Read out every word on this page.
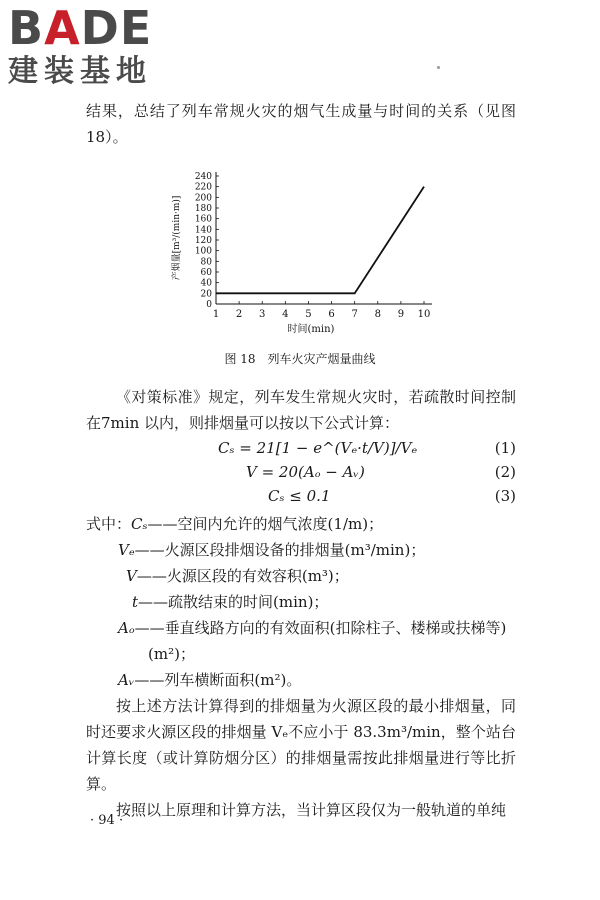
BADE
建装基地

结果，总结了列车常规火灾的烟气生成量与时间的关系（见图18）。

0
20
40
60
80
100
120
140
160
180
200
220
240
1 2 3 4 5 6 7 8 9 10
时间(min)
产烟量[m³/(min·m)]
图 18　列车火灾产烟量曲线

《对策标准》规定，列车发生常规火灾时，若疏散时间控制在7min 以内，则排烟量可以按以下公式计算：

Cₛ = 21[1 − e^(Vₑ·t/V)]/Vₑ	(1)
V = 20(Aₒ − Aᵥ)	(2)
Cₛ ≤ 0.1	(3)
式中：Cₛ——空间内允许的烟气浓度(1/m)；
Vₑ——火源区段排烟设备的排烟量(m³/min)；
V——火源区段的有效容积(m³)；
t——疏散结束的时间(min)；
Aₒ——垂直线路方向的有效面积(扣除柱子、楼梯或扶梯等)
(m²)；
Aᵥ——列车横断面积(m²)。

按上述方法计算得到的排烟量为火源区段的最小排烟量，同时还要求火源区段的排烟量 Vₑ不应小于 83.3m³/min，整个站台计算长度（或计算防烟分区）的排烟量需按此排烟量进行等比折算。

按照以上原理和计算方法，当计算区段仅为一般轨道的单纯

· 94 ·
